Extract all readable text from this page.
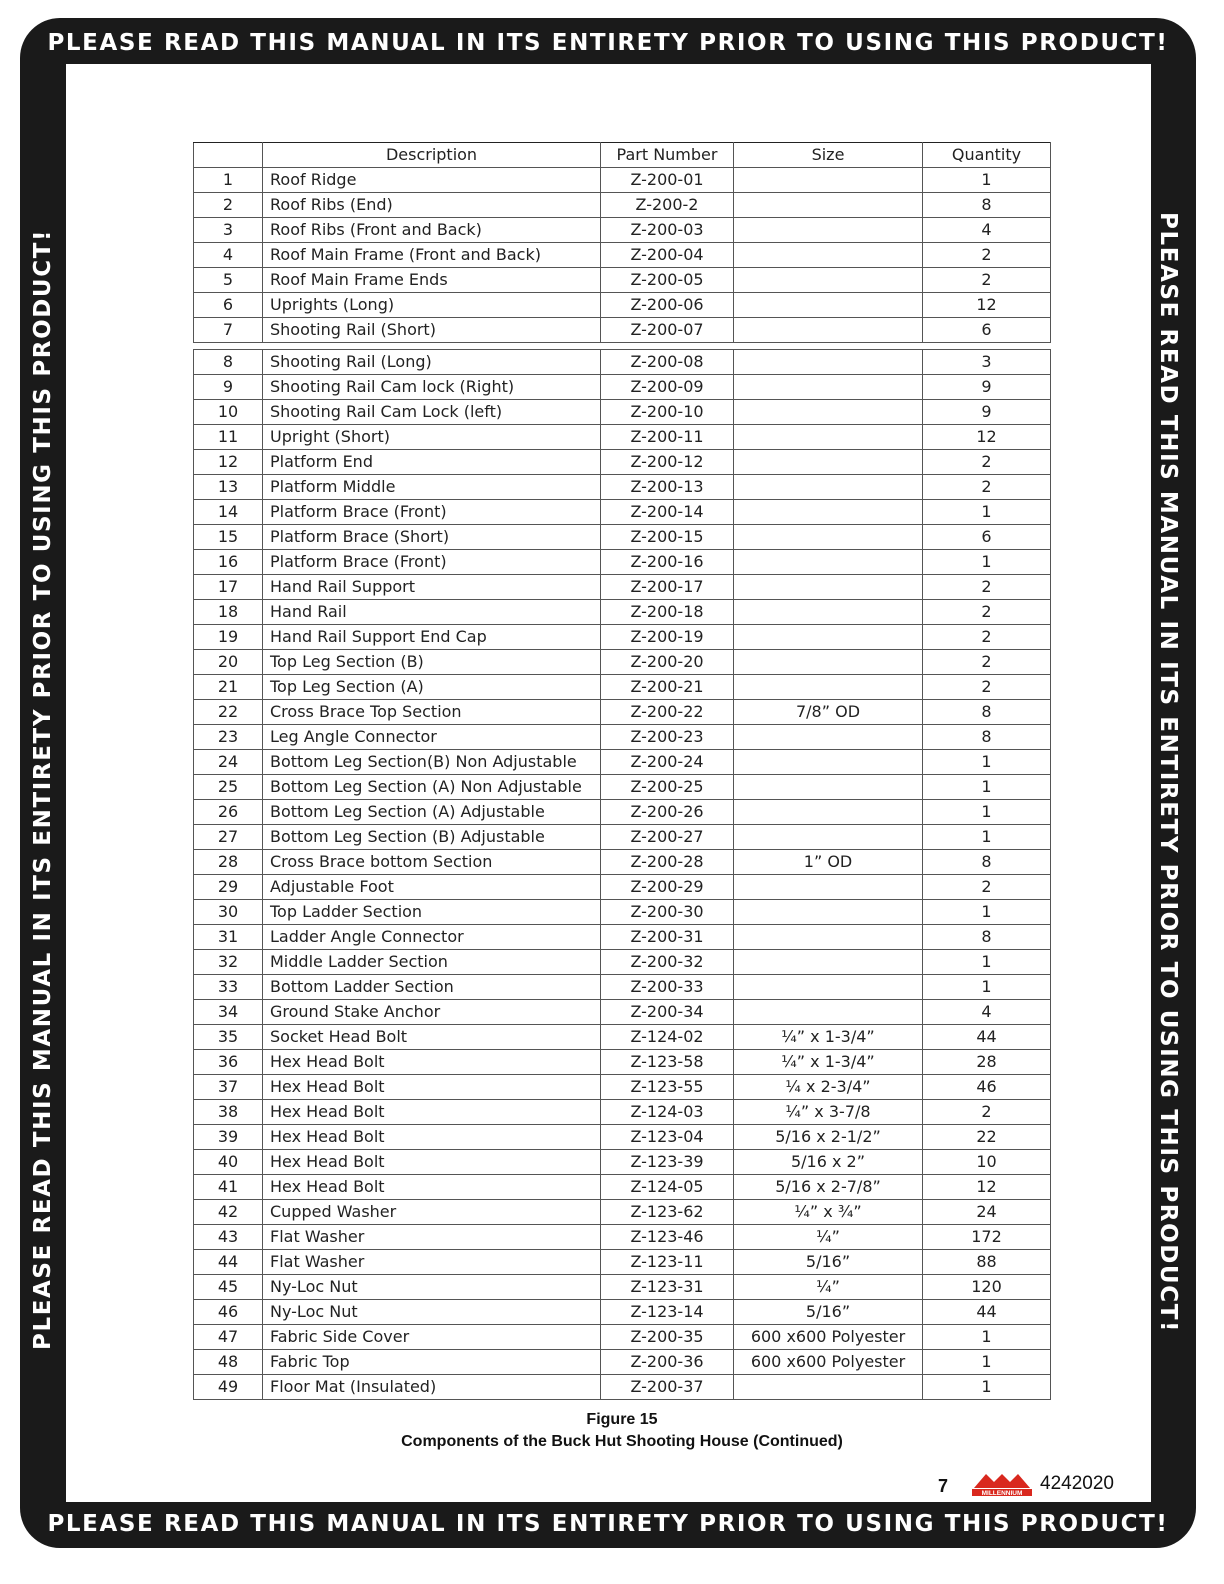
PLEASE READ THIS MANUAL IN ITS ENTIRETY PRIOR TO USING THIS PRODUCT!
PLEASE READ THIS MANUAL IN ITS ENTIRETY PRIOR TO USING THIS PRODUCT!
PLEASE READ THIS MANUAL IN ITS ENTIRETY PRIOR TO USING THIS PRODUCT!	PLEASE READ THIS MANUAL IN ITS ENTIRETY PRIOR TO USING THIS PRODUCT!
	Description	Part Number	Size	Quantity
1	Roof Ridge	Z-200-01		1
2	Roof Ribs (End)	Z-200-2		8
3	Roof Ribs (Front and Back)	Z-200-03		4
4	Roof Main Frame (Front and Back)	Z-200-04		2
5	Roof Main Frame Ends	Z-200-05		2
6	Uprights (Long)	Z-200-06		12
7	Shooting Rail (Short)	Z-200-07		6

8	Shooting Rail (Long)	Z-200-08		3
9	Shooting Rail Cam lock (Right)	Z-200-09		9
10	Shooting Rail Cam Lock (left)	Z-200-10		9
11	Upright (Short)	Z-200-11		12
12	Platform End	Z-200-12		2
13	Platform Middle	Z-200-13		2
14	Platform Brace (Front)	Z-200-14		1
15	Platform Brace (Short)	Z-200-15		6
16	Platform Brace (Front)	Z-200-16		1
17	Hand Rail Support	Z-200-17		2
18	Hand Rail	Z-200-18		2
19	Hand Rail Support End Cap	Z-200-19		2
20	Top Leg Section (B)	Z-200-20		2
21	Top Leg Section (A)	Z-200-21		2
22	Cross Brace Top Section	Z-200-22	7/8” OD	8
23	Leg Angle Connector	Z-200-23		8
24	Bottom Leg Section(B) Non Adjustable	Z-200-24		1
25	Bottom Leg Section (A) Non Adjustable	Z-200-25		1
26	Bottom Leg Section (A) Adjustable	Z-200-26		1
27	Bottom Leg Section (B) Adjustable	Z-200-27		1
28	Cross Brace bottom Section	Z-200-28	1” OD	8
29	Adjustable Foot	Z-200-29		2
30	Top Ladder Section	Z-200-30		1
31	Ladder Angle Connector	Z-200-31		8
32	Middle Ladder Section	Z-200-32		1
33	Bottom Ladder Section	Z-200-33		1
34	Ground Stake Anchor	Z-200-34		4
35	Socket Head Bolt	Z-124-02	¼” x 1-3/4”	44
36	Hex Head Bolt	Z-123-58	¼” x 1-3/4”	28
37	Hex Head Bolt	Z-123-55	¼ x 2-3/4”	46
38	Hex Head Bolt	Z-124-03	¼” x 3-7/8	2
39	Hex Head Bolt	Z-123-04	5/16 x 2-1/2”	22
40	Hex Head Bolt	Z-123-39	5/16 x 2”	10
41	Hex Head Bolt	Z-124-05	5/16 x 2-7/8”	12
42	Cupped Washer	Z-123-62	¼” x ¾”	24
43	Flat Washer	Z-123-46	¼”	172
44	Flat Washer	Z-123-11	5/16”	88
45	Ny-Loc Nut	Z-123-31	¼”	120
46	Ny-Loc Nut	Z-123-14	5/16”	44
47	Fabric Side Cover	Z-200-35	600 x600 Polyester	1
48	Fabric Top	Z-200-36	600 x600 Polyester	1
49	Floor Mat (Insulated)	Z-200-37		1
Figure 15
Components of the Buck Hut Shooting House (Continued)
7	MILLENNIUM 4242020
